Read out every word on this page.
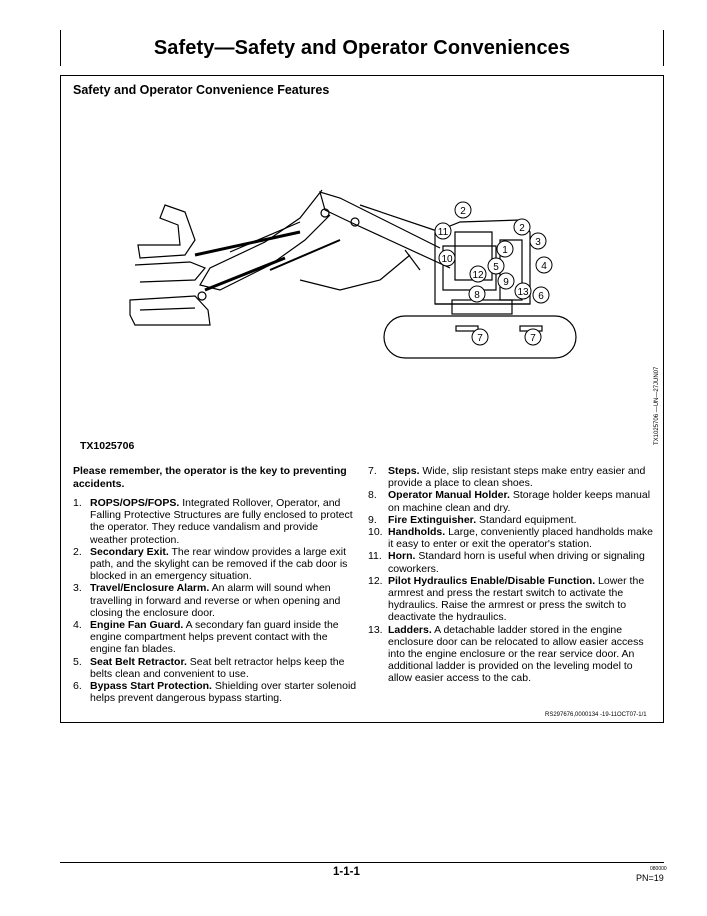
Safety—Safety and Operator Conveniences
Safety and Operator Convenience Features
2
11	2
3
1
10
4
5
12
9
13 6
8
7	7
TX1025706 —UN—27JUN07
TX1025706
Please remember, the operator is the key to preventing accidents.
1. ROPS/OPS/FOPS. Integrated Rollover, Operator, and Falling Protective Structures are fully enclosed to protect the operator. They reduce vandalism and provide weather protection.
2. Secondary Exit. The rear window provides a large exit path, and the skylight can be removed if the cab door is blocked in an emergency situation.
3. Travel/Enclosure Alarm. An alarm will sound when travelling in forward and reverse or when opening and closing the enclosure door.
4. Engine Fan Guard. A secondary fan guard inside the engine compartment helps prevent contact with the engine fan blades.
5. Seat Belt Retractor. Seat belt retractor helps keep the belts clean and convenient to use.
6. Bypass Start Protection. Shielding over starter solenoid helps prevent dangerous bypass starting.
7.	Steps. Wide, slip resistant steps make entry easier and provide a place to clean shoes.
8.	Operator Manual Holder. Storage holder keeps manual on machine clean and dry.
9.	Fire Extinguisher. Standard equipment.
10. Handholds. Large, conveniently placed handholds make it easy to enter or exit the operator's station.
11. Horn. Standard horn is useful when driving or signaling coworkers.
12. Pilot Hydraulics Enable/Disable Function. Lower the armrest and press the restart switch to activate the hydraulics. Raise the armrest or press the switch to deactivate the hydraulics.
13. Ladders. A detachable ladder stored in the engine enclosure door can be relocated to allow easier access into the engine enclosure or the rear service door. An additional ladder is provided on the leveling model to allow easier access to the cab.
RS297676,0000134 -19-11OCT07-1/1
1-1-1	080000
PN=19
